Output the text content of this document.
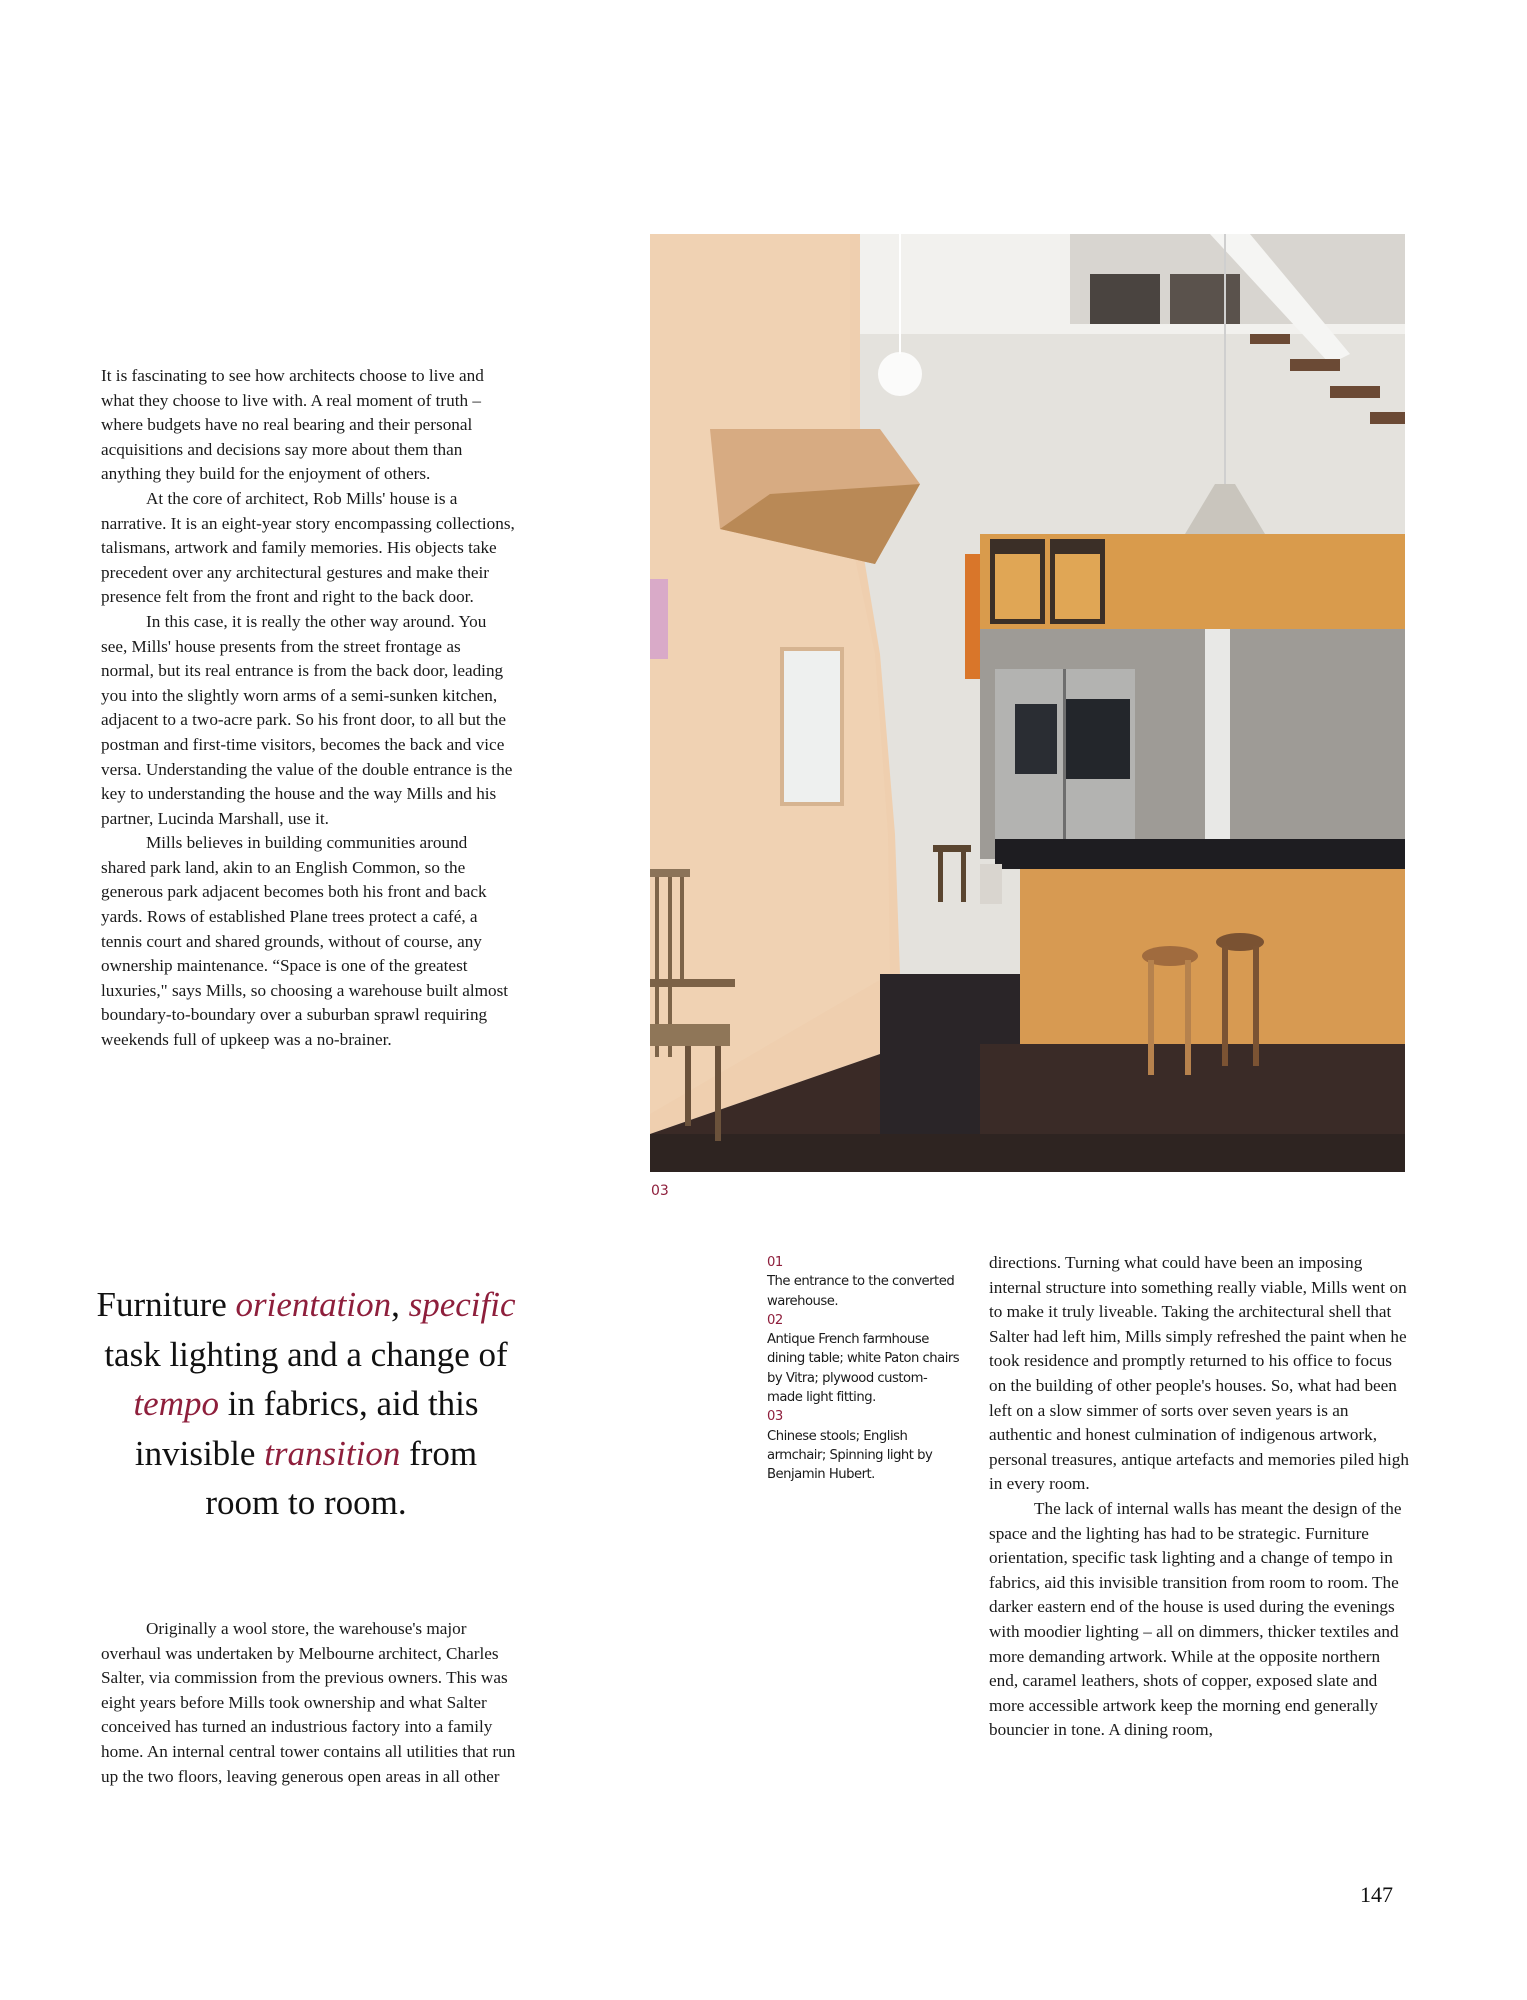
It is fascinating to see how architects choose to live and what they choose to live with. A real moment of truth – where budgets have no real bearing and their personal acquisitions and decisions say more about them than anything they build for the enjoyment of others.

At the core of architect, Rob Mills' house is a narrative. It is an eight-year story encompassing collections, talismans, artwork and family memories. His objects take precedent over any architectural gestures and make their presence felt from the front and right to the back door.

In this case, it is really the other way around. You see, Mills' house presents from the street frontage as normal, but its real entrance is from the back door, leading you into the slightly worn arms of a semi-sunken kitchen, adjacent to a two-acre park. So his front door, to all but the postman and first-time visitors, becomes the back and vice versa. Understanding the value of the double entrance is the key to understanding the house and the way Mills and his partner, Lucinda Marshall, use it.

Mills believes in building communities around shared park land, akin to an English Common, so the generous park adjacent becomes both his front and back yards. Rows of established Plane trees protect a café, a tennis court and shared grounds, without of course, any ownership maintenance. “Space is one of the greatest luxuries," says Mills, so choosing a warehouse built almost boundary-to-boundary over a suburban sprawl requiring weekends full of upkeep was a no-brainer.

Furniture orientation, specific task lighting and a change of tempo in fabrics, aid this invisible transition from room to room.

Originally a wool store, the warehouse's major overhaul was undertaken by Melbourne architect, Charles Salter, via commission from the previous owners. This was eight years before Mills took ownership and what Salter conceived has turned an industrious factory into a family home. An internal central tower contains all utilities that run up the two floors, leaving generous open areas in all other

03
01
The entrance to the converted warehouse.
02
Antique French farmhouse dining table; white Paton chairs by Vitra; plywood custom-made light fitting.
03
Chinese stools; English armchair; Spinning light by Benjamin Hubert.

directions. Turning what could have been an imposing internal structure into something really viable, Mills went on to make it truly liveable. Taking the architectural shell that Salter had left him, Mills simply refreshed the paint when he took residence and promptly returned to his office to focus on the building of other people's houses. So, what had been left on a slow simmer of sorts over seven years is an authentic and honest culmination of indigenous artwork, personal treasures, antique artefacts and memories piled high in every room.

The lack of internal walls has meant the design of the space and the lighting has had to be strategic. Furniture orientation, specific task lighting and a change of tempo in fabrics, aid this invisible transition from room to room. The darker eastern end of the house is used during the evenings with moodier lighting – all on dimmers, thicker textiles and more demanding artwork. While at the opposite northern end, caramel leathers, shots of copper, exposed slate and more accessible artwork keep the morning end generally bouncier in tone. A dining room,

147
